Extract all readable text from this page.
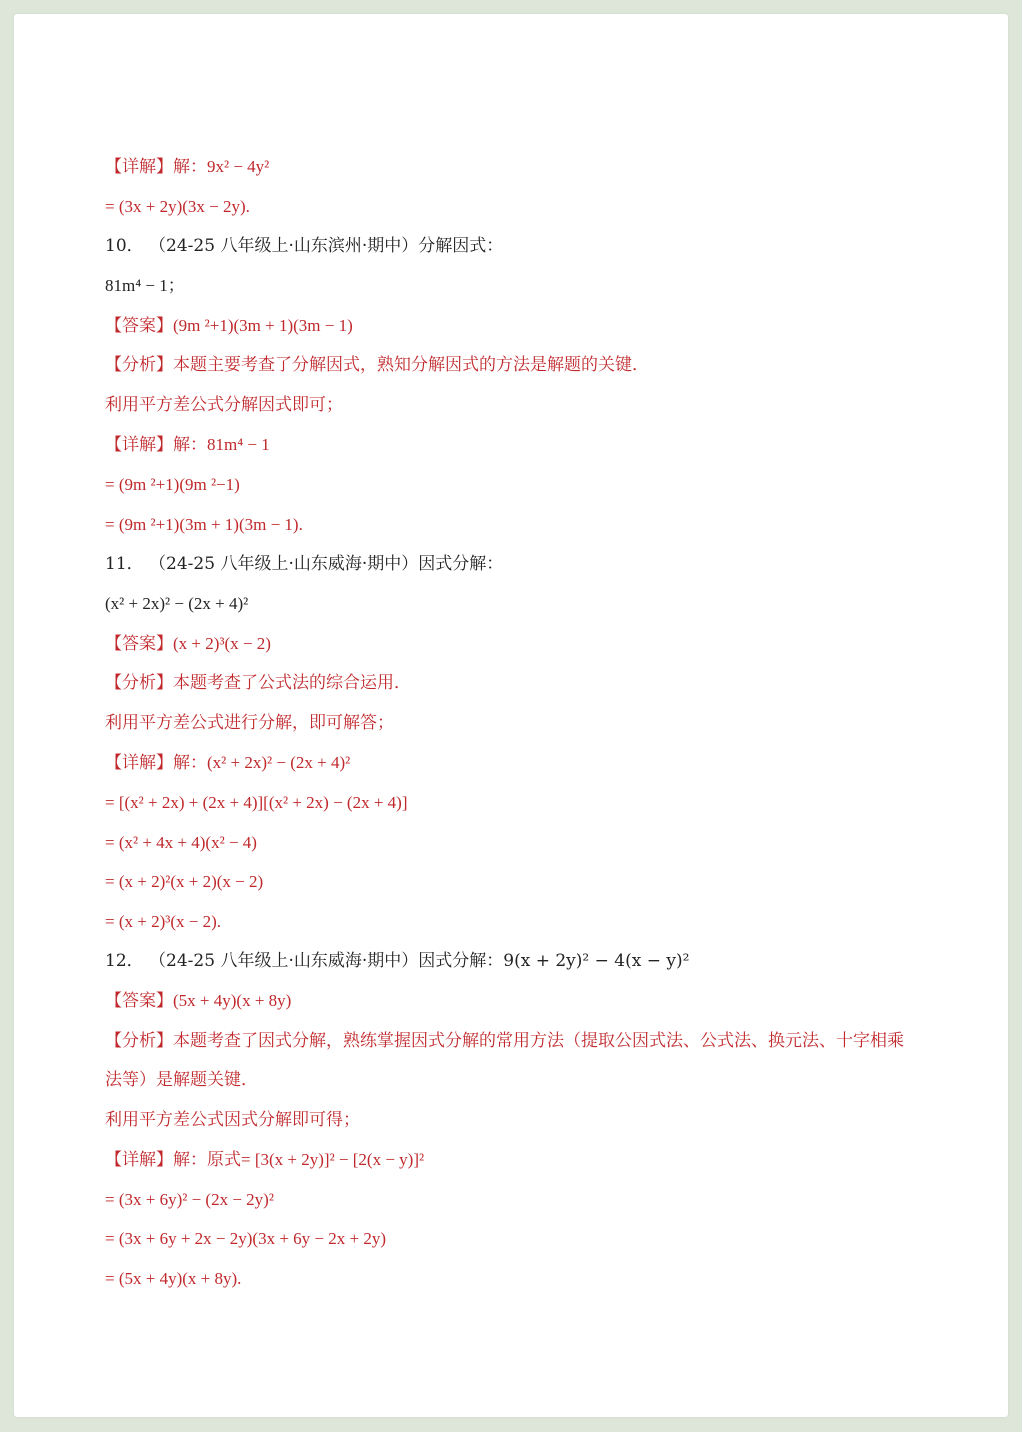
【详解】解：9x² − 4y²
= (3x + 2y)(3x − 2y).
10． （24-25 八年级上·山东滨州·期中）分解因式：
81m⁴ − 1；
【答案】(9m ²+1)(3m + 1)(3m − 1)
【分析】本题主要考查了分解因式，熟知分解因式的方法是解题的关键．
利用平方差公式分解因式即可；
【详解】解：81m⁴ − 1
= (9m ²+1)(9m ²−1)
= (9m ²+1)(3m + 1)(3m − 1).
11． （24-25 八年级上·山东威海·期中）因式分解：
(x² + 2x)² − (2x + 4)²
【答案】(x + 2)³(x − 2)
【分析】本题考查了公式法的综合运用．
利用平方差公式进行分解，即可解答；
【详解】解：(x² + 2x)² − (2x + 4)²
= [(x² + 2x) + (2x + 4)][(x² + 2x) − (2x + 4)]
= (x² + 4x + 4)(x² − 4)
= (x + 2)²(x + 2)(x − 2)
= (x + 2)³(x − 2).
12． （24-25 八年级上·山东威海·期中）因式分解：9(x + 2y)² − 4(x − y)²
【答案】(5x + 4y)(x + 8y)
【分析】本题考查了因式分解，熟练掌握因式分解的常用方法（提取公因式法、公式法、换元法、十字相乘
法等）是解题关键．
利用平方差公式因式分解即可得；
【详解】解：原式= [3(x + 2y)]² − [2(x − y)]²
= (3x + 6y)² − (2x − 2y)²
= (3x + 6y + 2x − 2y)(3x + 6y − 2x + 2y)
= (5x + 4y)(x + 8y).
